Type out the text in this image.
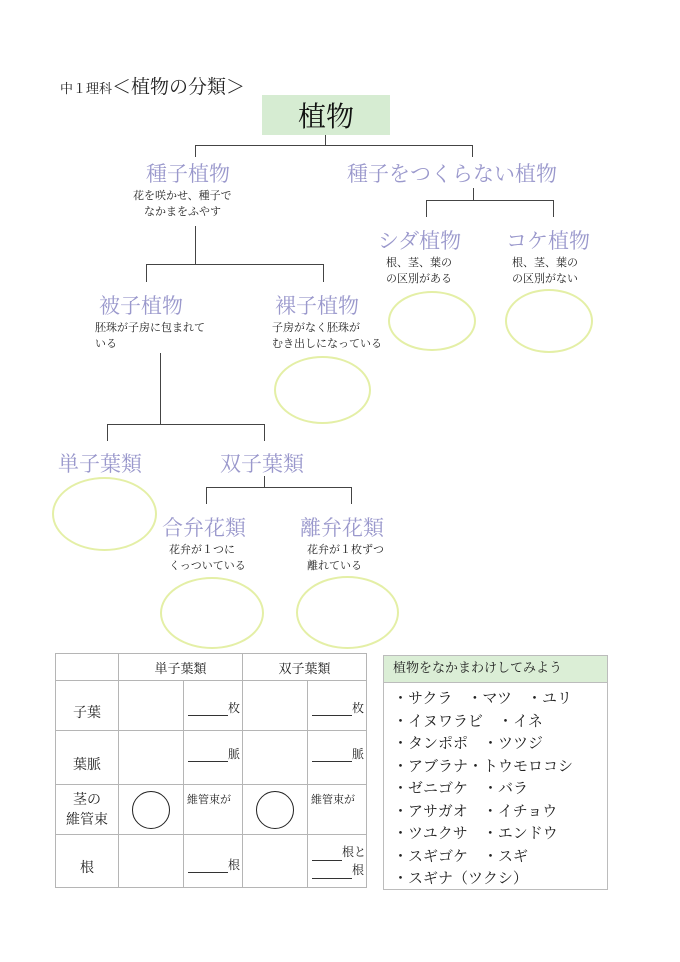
中１理科＜植物の分類＞
植物
種子植物
花を咲かせ、種子で
なかまをふやす
種子をつくらない植物
シダ植物
根、茎、葉の
の区別がある
コケ植物
根、茎、葉の
の区別がない
被子植物
胚珠が子房に包まれて
いる
裸子植物
子房がなく胚珠が
むき出しになっている
単子葉類	双子葉類
合弁花類
花弁が１つに
くっついている
離弁花類
花弁が１枚ずつ
離れている
	単子葉類		双子葉類	

子葉		枚		枚

葉脈		脈		脈

茎の
維管束		維管束が		維管束が

根		根		根と
根
植物をなかまわけしてみよう
・サクラ　・マツ　・ユリ
・イヌワラビ　・イネ
・タンポポ　・ツツジ
・アブラナ・トウモロコシ
・ゼニゴケ　・バラ
・アサガオ　・イチョウ
・ツユクサ　・エンドウ
・スギゴケ　・スギ
・スギナ（ツクシ）
